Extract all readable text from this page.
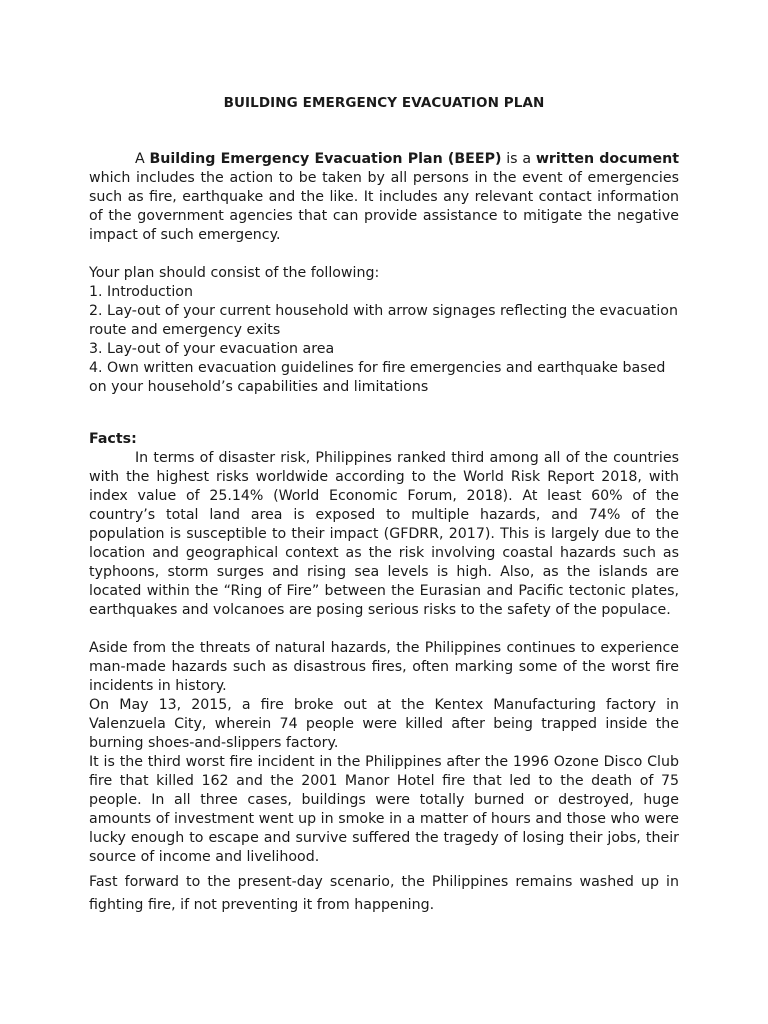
BUILDING EMERGENCY EVACUATION PLAN

A Building Emergency Evacuation Plan (BEEP) is a written document which includes the action to be taken by all persons in the event of emergencies such as fire, earthquake and the like. It includes any relevant contact information of the government agencies that can provide assistance to mitigate the negative impact of such emergency.

Your plan should consist of the following:

1. Introduction
2. Lay-out of your current household with arrow signages reflecting the evacuation route and emergency exits
3. Lay-out of your evacuation area
4. Own written evacuation guidelines for fire emergencies and earthquake based on your household’s capabilities and limitations

Facts:

In terms of disaster risk, Philippines ranked third among all of the countries with the highest risks worldwide according to the World Risk Report 2018, with index value of 25.14% (World Economic Forum, 2018). At least 60% of the country’s total land area is exposed to multiple hazards, and 74% of the population is susceptible to their impact (GFDRR, 2017). This is largely due to the location and geographical context as the risk involving coastal hazards such as typhoons, storm surges and rising sea levels is high. Also, as the islands are located within the “Ring of Fire” between the Eurasian and Pacific tectonic plates, earthquakes and volcanoes are posing serious risks to the safety of the populace.

Aside from the threats of natural hazards, the Philippines continues to experience man-made hazards such as disastrous fires, often marking some of the worst fire incidents in history.

On May 13, 2015, a fire broke out at the Kentex Manufacturing factory in Valenzuela City, wherein 74 people were killed after being trapped inside the burning shoes-and-slippers factory.

It is the third worst fire incident in the Philippines after the 1996 Ozone Disco Club fire that killed 162 and the 2001 Manor Hotel fire that led to the death of 75 people. In all three cases, buildings were totally burned or destroyed, huge amounts of investment went up in smoke in a matter of hours and those who were lucky enough to escape and survive suffered the tragedy of losing their jobs, their source of income and livelihood.

Fast forward to the present-day scenario, the Philippines remains washed up in fighting fire, if not preventing it from happening.
